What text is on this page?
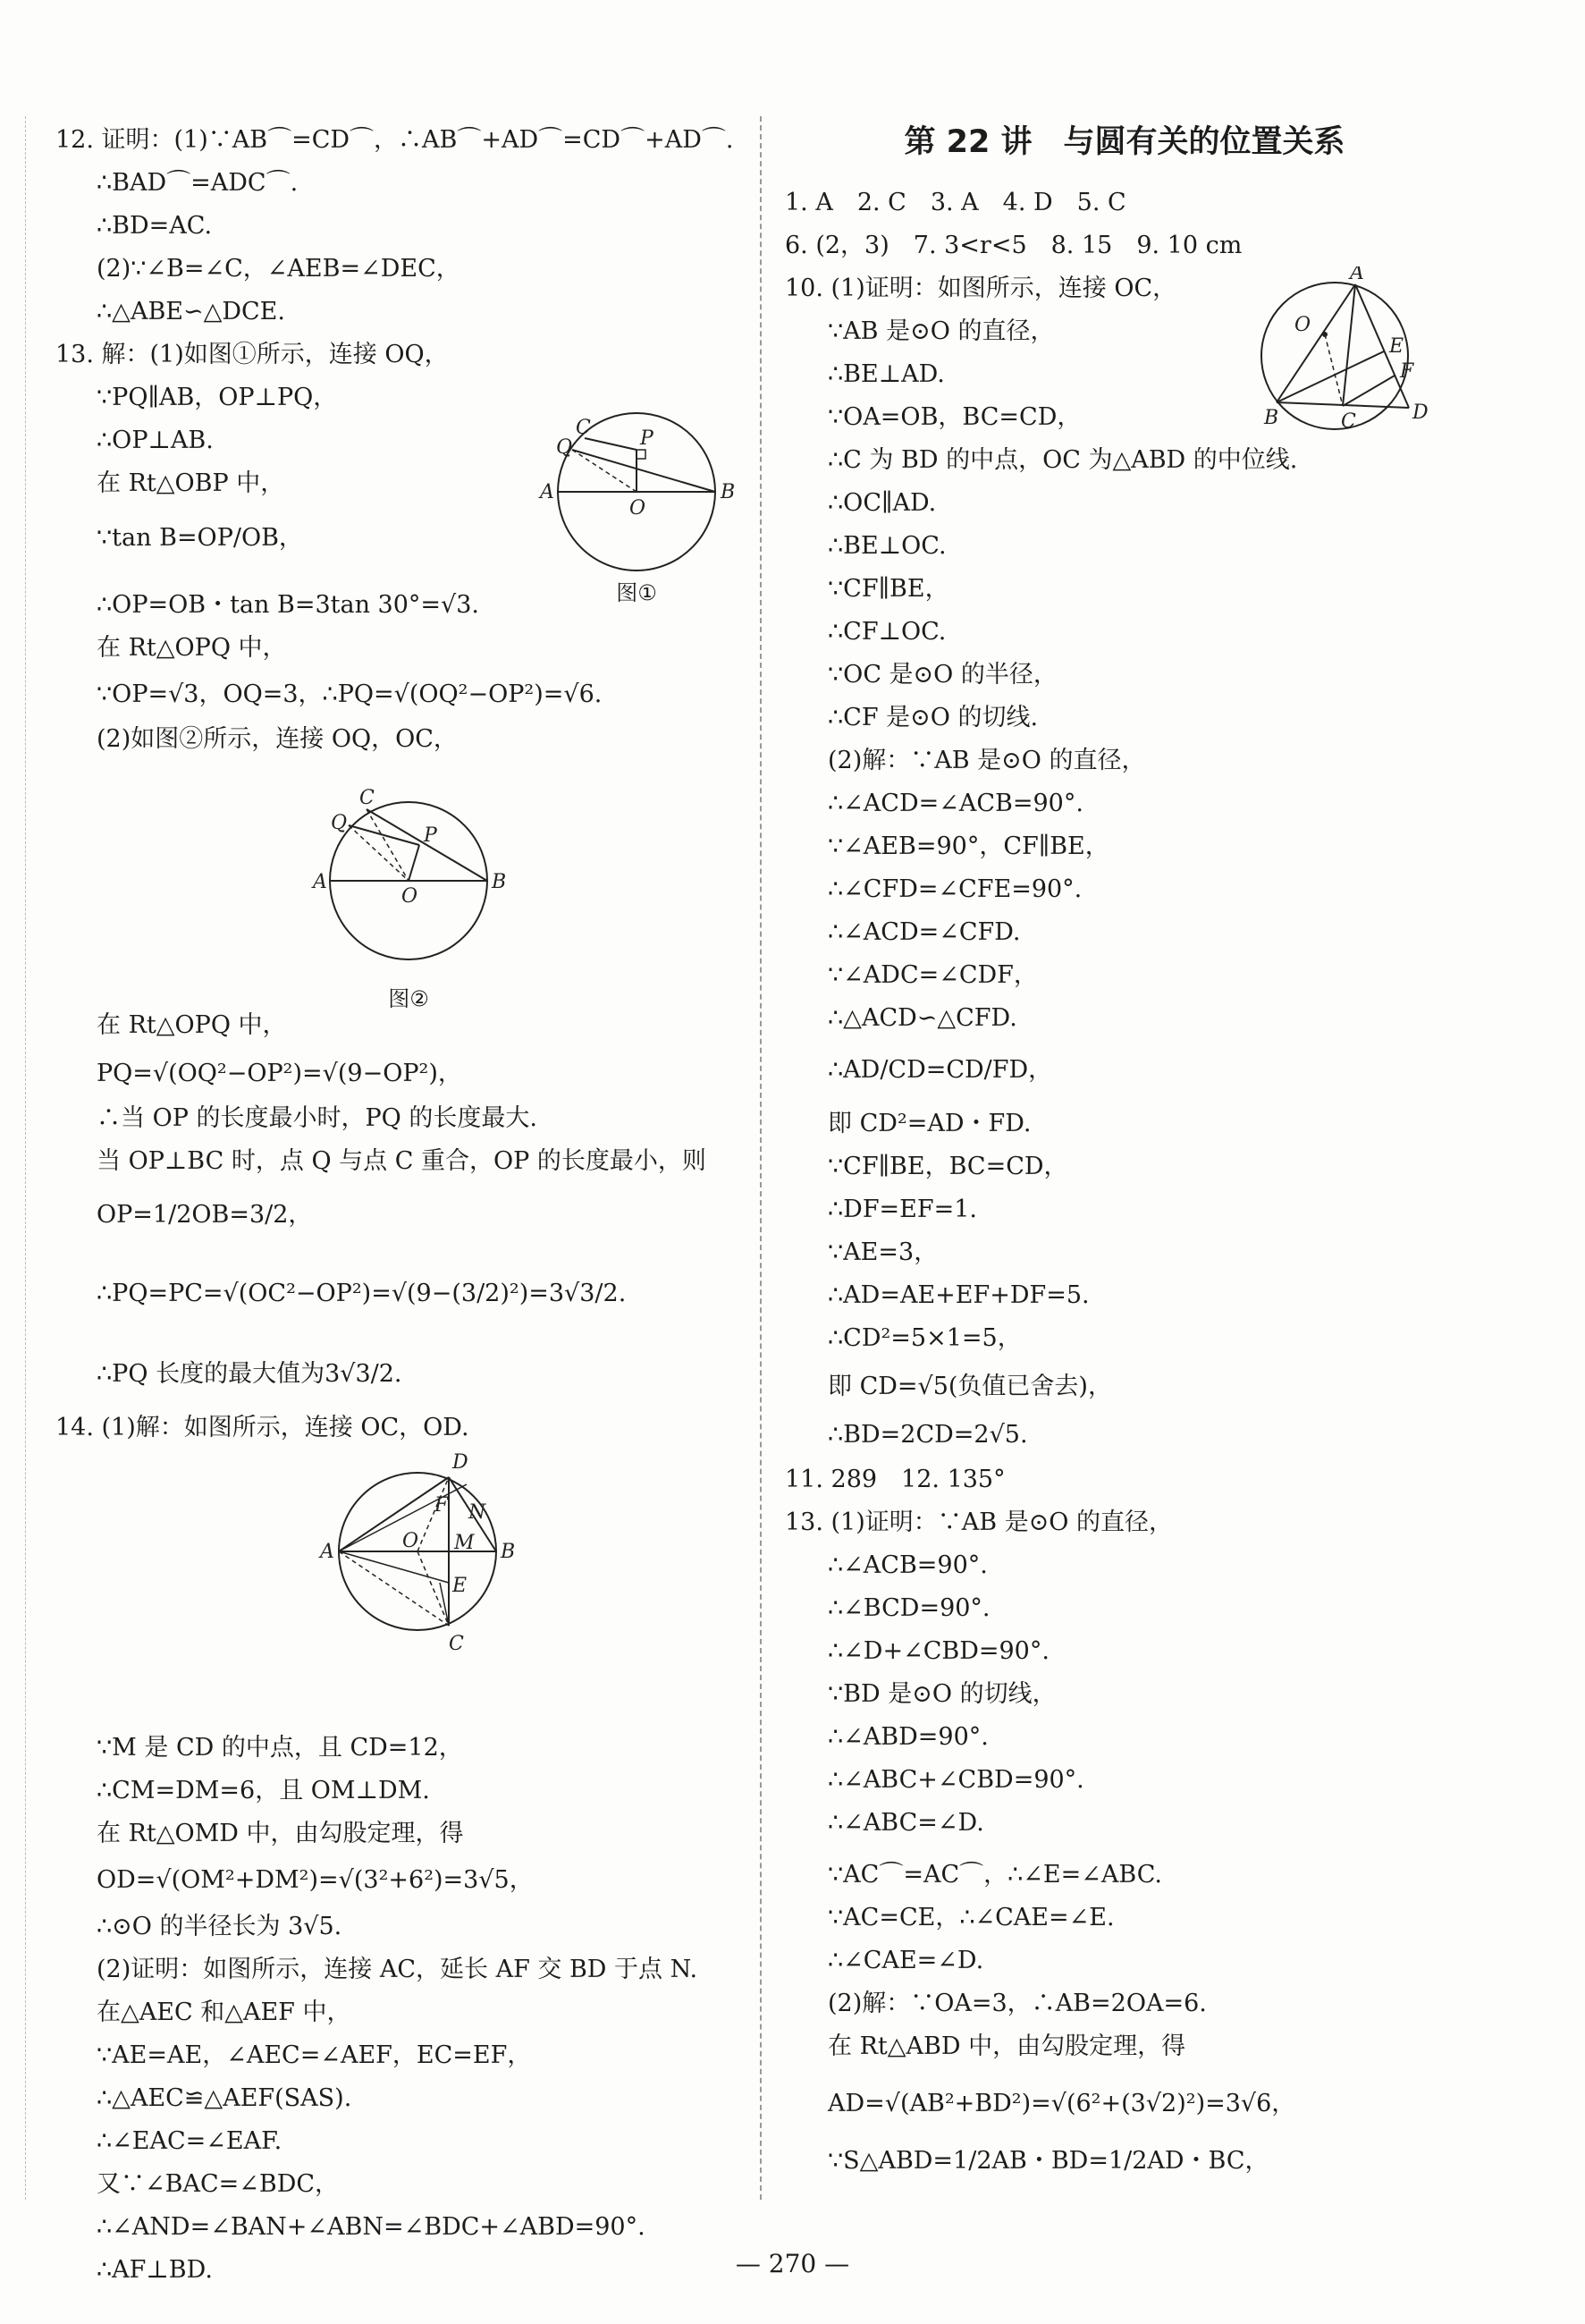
12. 证明：(1)∵AB⌒=CD⌒，∴AB⌒+AD⌒=CD⌒+AD⌒.
∴BAD⌒=ADC⌒.
∴BD=AC.
(2)∵∠B=∠C，∠AEB=∠DEC，
∴△ABE∽△DCE.
13. 解：(1)如图①所示，连接 OQ，
∵PQ∥AB，OP⊥PQ，
∴OP⊥AB.
在 Rt△OBP 中，
∵tan B=OP/OB，
∴OP=OB・tan B=3tan 30°=√3.
在 Rt△OPQ 中，
∵OP=√3，OQ=3，∴PQ=√(OQ²−OP²)=√6.
(2)如图②所示，连接 OQ，OC，
A	B
O
Q
C	P
图①
A	B
O
Q
C
P
图②
在 Rt△OPQ 中，
PQ=√(OQ²−OP²)=√(9−OP²)，
∴当 OP 的长度最小时，PQ 的长度最大.
当 OP⊥BC 时，点 Q 与点 C 重合，OP 的长度最小，则
OP=1/2OB=3/2，
∴PQ=PC=√(OC²−OP²)=√(9−(3/2)²)=3√3/2.
∴PQ 长度的最大值为3√3/2.
14. (1)解：如图所示，连接 OC，OD.
A	B
O
D
C
F N
M
E
∵M 是 CD 的中点，且 CD=12，
∴CM=DM=6，且 OM⊥DM.
在 Rt△OMD 中，由勾股定理，得
OD=√(OM²+DM²)=√(3²+6²)=3√5，
∴⊙O 的半径长为 3√5.
(2)证明：如图所示，连接 AC，延长 AF 交 BD 于点 N.
在△AEC 和△AEF 中，
∵AE=AE，∠AEC=∠AEF，EC=EF，
∴△AEC≌△AEF(SAS).
∴∠EAC=∠EAF.
又∵∠BAC=∠BDC，
∴∠AND=∠BAN+∠ABN=∠BDC+∠ABD=90°.
∴AF⊥BD.
第 22 讲　与圆有关的位置关系
1. A　2. C　3. A　4. D　5. C
6. (2，3)　7. 3<r<5　8. 15　9. 10 cm
10. (1)证明：如图所示，连接 OC，
∵AB 是⊙O 的直径，
∴BE⊥AD.
∵OA=OB，BC=CD，
∴C 为 BD 的中点，OC 为△ABD 的中位线.
∴OC∥AD.
∴BE⊥OC.
∵CF∥BE，
∴CF⊥OC.
∵OC 是⊙O 的半径，
∴CF 是⊙O 的切线.
(2)解：∵AB 是⊙O 的直径，
∴∠ACD=∠ACB=90°.
∵∠AEB=90°，CF∥BE，
∴∠CFD=∠CFE=90°.
∴∠ACD=∠CFD.
∵∠ADC=∠CDF，
∴△ACD∽△CFD.
∴AD/CD=CD/FD，
即 CD²=AD・FD.
∵CF∥BE，BC=CD，
∴DF=EF=1.
∵AE=3，
∴AD=AE+EF+DF=5.
∴CD²=5×1=5，
即 CD=√5(负值已舍去)，
∴BD=2CD=2√5.
11. 289　12. 135°
13. (1)证明：∵AB 是⊙O 的直径，
∴∠ACB=90°.
∴∠BCD=90°.
∴∠D+∠CBD=90°.
∵BD 是⊙O 的切线，
∴∠ABD=90°.
∴∠ABC+∠CBD=90°.
∴∠ABC=∠D.
∵AC⌒=AC⌒，∴∠E=∠ABC.
∵AC=CE，∴∠CAE=∠E.
∴∠CAE=∠D.
(2)解：∵OA=3，∴AB=2OA=6.
在 Rt△ABD 中，由勾股定理，得
AD=√(AB²+BD²)=√(6²+(3√2)²)=3√6，
∵S△ABD=1/2AB・BD=1/2AD・BC，
A
O
E
F
D
C
B
— 270 —
